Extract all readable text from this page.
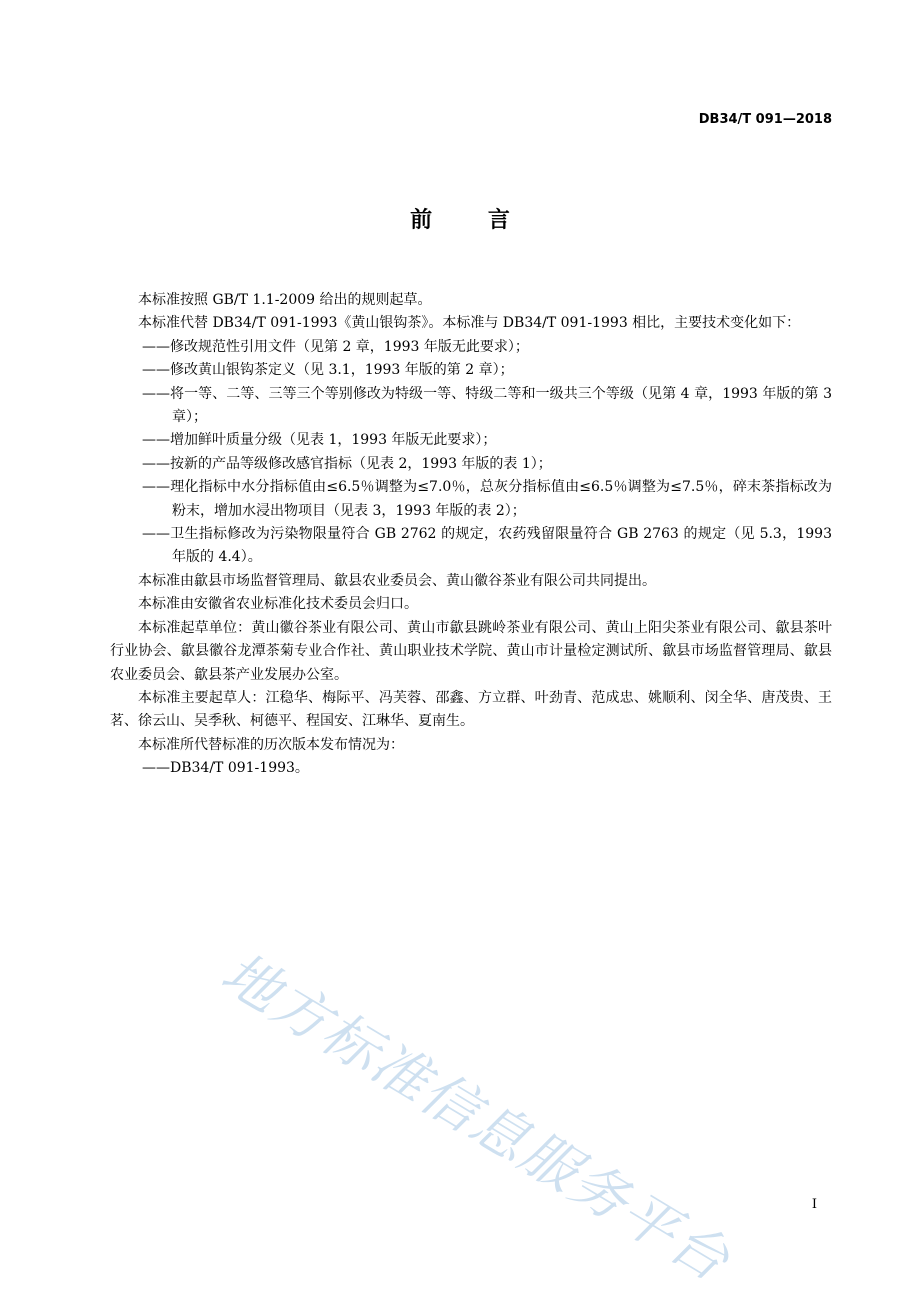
DB34/T 091—2018
前 言

本标准按照 GB/T 1.1-2009 给出的规则起草。

本标准代替 DB34/T 091-1993《黄山银钩茶》。本标准与 DB34/T 091-1993 相比，主要技术变化如下：

——修改规范性引用文件（见第 2 章，1993 年版无此要求）；

——修改黄山银钩茶定义（见 3.1，1993 年版的第 2 章）；

——将一等、二等、三等三个等别修改为特级一等、特级二等和一级共三个等级（见第 4 章，1993 年版的第 3 章）；

——增加鲜叶质量分级（见表 1，1993 年版无此要求）；

——按新的产品等级修改感官指标（见表 2，1993 年版的表 1）；

——理化指标中水分指标值由≤6.5％调整为≤7.0％，总灰分指标值由≤6.5％调整为≤7.5％，碎末茶指标改为粉末，增加水浸出物项目（见表 3，1993 年版的表 2）；

——卫生指标修改为污染物限量符合 GB 2762 的规定，农药残留限量符合 GB 2763 的规定（见 5.3，1993 年版的 4.4）。

本标准由歙县市场监督管理局、歙县农业委员会、黄山徽谷茶业有限公司共同提出。

本标准由安徽省农业标准化技术委员会归口。

本标准起草单位：黄山徽谷茶业有限公司、黄山市歙县跳岭茶业有限公司、黄山上阳尖茶业有限公司、歙县茶叶行业协会、歙县徽谷龙潭茶菊专业合作社、黄山职业技术学院、黄山市计量检定测试所、歙县市场监督管理局、歙县农业委员会、歙县茶产业发展办公室。

本标准主要起草人：江稳华、梅际平、冯芙蓉、邵鑫、方立群、叶劲青、范成忠、姚顺利、闵全华、唐茂贵、王茗、徐云山、吴季秋、柯德平、程国安、江琳华、夏南生。

本标准所代替标准的历次版本发布情况为：

——DB34/T 091-1993。

地方标准信息服务平台	I
